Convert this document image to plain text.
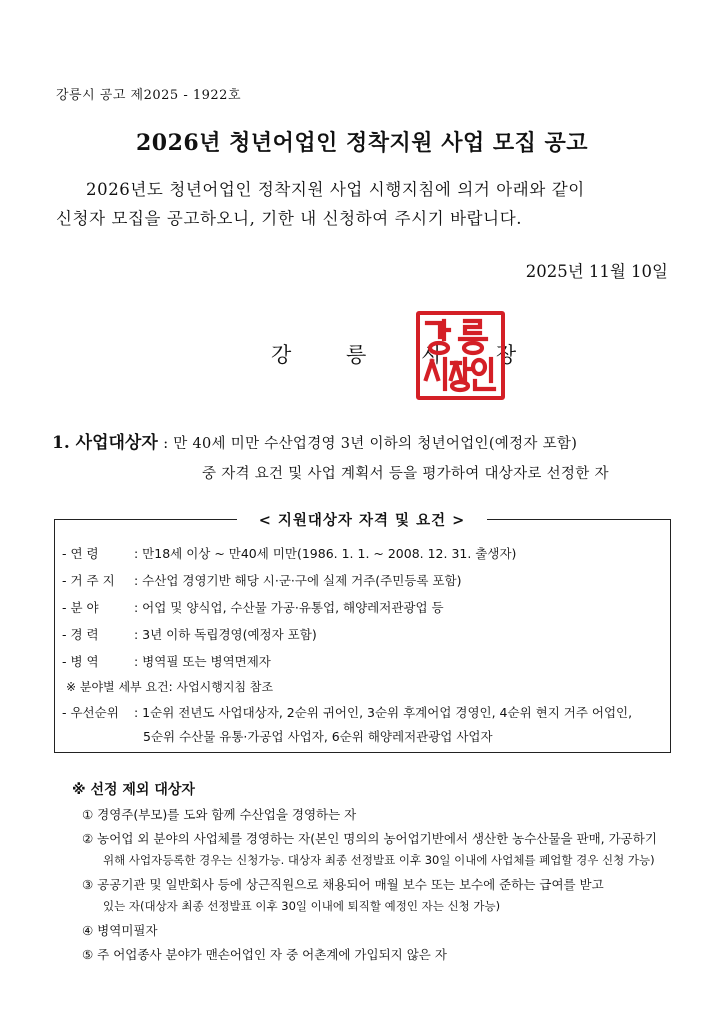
강릉시 공고 제2025 - 1922호
2026년 청년어업인 정착지원 사업 모집 공고
2026년도 청년어업인 정착지원 사업 시행지침에 의거 아래와 같이
신청자 모집을 공고하오니, 기한 내 신청하여 주시기 바랍니다.
2025년 11월 10일
강 릉 시 장
1. 사업대상자 : 만 40세 미만 수산업경영 3년 이하의 청년어업인(예정자 포함)
중 자격 요건 및 사업 계획서 등을 평가하여 대상자로 선정한 자
< 지원대상자 자격 및 요건 >
- 연 령	: 만18세 이상 ~ 만40세 미만(1986. 1. 1. ~ 2008. 12. 31. 출생자)
- 거 주 지 : 수산업 경영기반 해당 시·군·구에 실제 거주(주민등록 포함)
- 분 야	: 어업 및 양식업, 수산물 가공·유통업, 해양레저관광업 등
- 경 력	: 3년 이하 독립경영(예정자 포함)
- 병 역	: 병역필 또는 병역면제자
※ 분야별 세부 요건: 사업시행지침 참조
- 우선순위 : 1순위 전년도 사업대상자, 2순위 귀어인, 3순위 후계어업 경영인, 4순위 현지 거주 어업인,
5순위 수산물 유통·가공업 사업자, 6순위 해양레저관광업 사업자
※ 선정 제외 대상자
① 경영주(부모)를 도와 함께 수산업을 경영하는 자
② 농어업 외 분야의 사업체를 경영하는 자(본인 명의의 농어업기반에서 생산한 농수산물을 판매, 가공하기
위해 사업자등록한 경우는 신청가능. 대상자 최종 선정발표 이후 30일 이내에 사업체를 폐업할 경우 신청 가능)
③ 공공기관 및 일반회사 등에 상근직원으로 채용되어 매월 보수 또는 보수에 준하는 급여를 받고
있는 자(대상자 최종 선정발표 이후 30일 이내에 퇴직할 예정인 자는 신청 가능)
④ 병역미필자
⑤ 주 어업종사 분야가 맨손어업인 자 중 어촌계에 가입되지 않은 자
